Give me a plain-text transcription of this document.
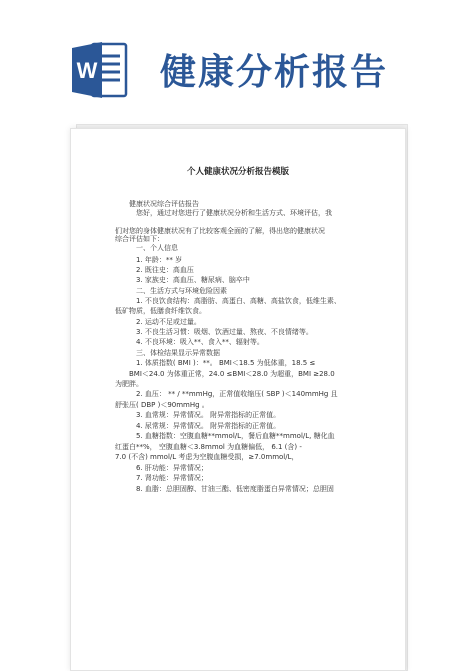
W 健康分析报告
个人健康状况分析报告模版
健康状况综合评估报告
您好，通过对您进行了健康状况分析和生活方式、环境评估，我
们对您的身体健康状况有了比较客观全面的了解，得出您的健康状况
综合评估如下：
一、个人信息
1. 年龄：** 岁
2. 既往史：高血压
3. 家族史：高血压、糖尿病、脑卒中
二、生活方式与环境危险因素
1. 不良饮食结构：高脂肪、高蛋白、高糖、高盐饮食，低维生素、
低矿物质，低膳食纤维饮食。
2. 运动不足或过量。
3. 不良生活习惯：吸烟、饮酒过量、熬夜、不良情绪等。
4. 不良环境：吸入**、食入**、辐射等。
三、体检结果显示异常数据
1. 体质指数( BMI )：**。 BMI＜18.5 为低体重，18.5 ≤
BMI＜24.0 为体重正常，24.0 ≤BMI＜28.0 为超重，BMI ≥28.0
为肥胖。
2. 血压： ** / **mmHg，正常值收缩压( SBP )＜140mmHg 且
舒张压( DBP )＜90mmHg 。
3. 血常规：异常情况。 附异常指标的正常值。
4. 尿常规：异常情况。 附异常指标的正常值。
5. 血糖指数：空腹血糖**mmol/L，餐后血糖**mmol/L, 糖化血
红蛋白**%， 空腹血糖＜3.8mmol 为血糖偏低， 6.1 (含) -
7.0 (不含) mmol/L 考虑为空腹血糖受损，≥7.0mmol/L，
6. 肝功能：异常情况；
7. 肾功能：异常情况；
8. 血脂：总胆固醇、甘油三酯、低密度脂蛋白异常情况；总胆固
